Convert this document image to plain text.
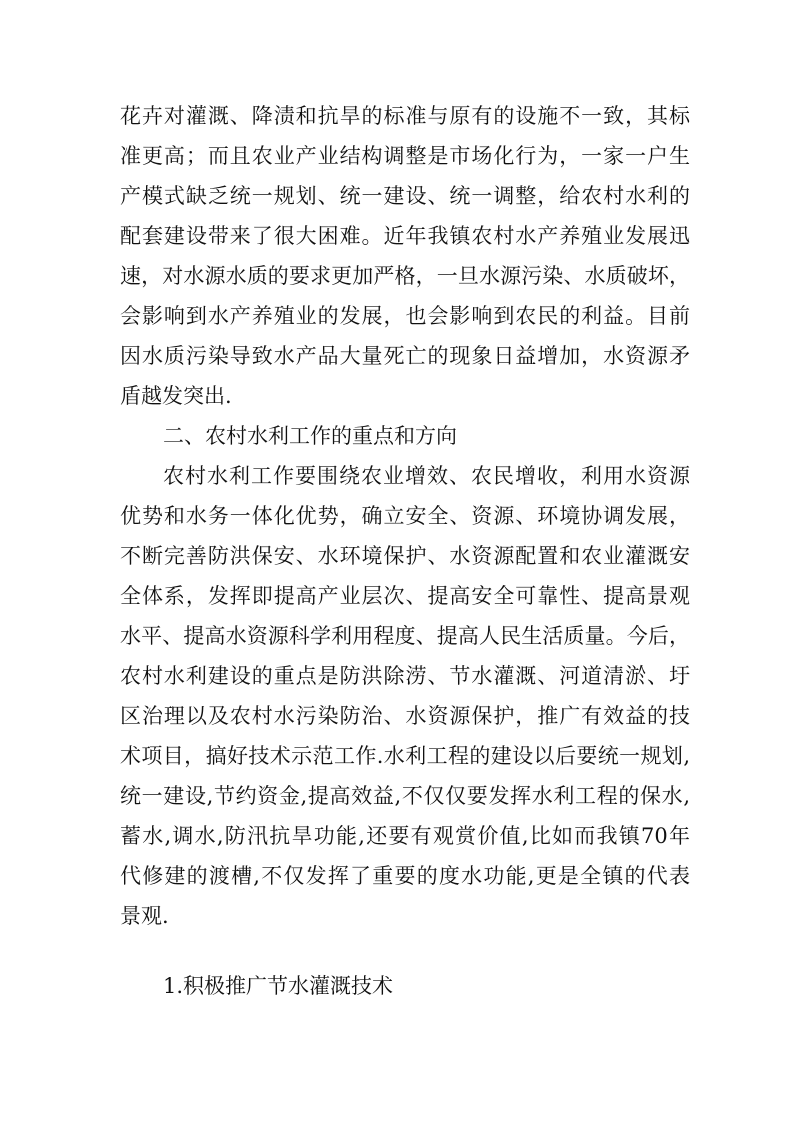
花卉对灌溉、降渍和抗旱的标准与原有的设施不一致，其标
准更高；而且农业产业结构调整是市场化行为，一家一户生
产模式缺乏统一规划、统一建设、统一调整，给农村水利的
配套建设带来了很大困难。近年我镇农村水产养殖业发展迅
速，对水源水质的要求更加严格，一旦水源污染、水质破坏，
会影响到水产养殖业的发展，也会影响到农民的利益。目前
因水质污染导致水产品大量死亡的现象日益增加，水资源矛
盾越发突出.
二、农村水利工作的重点和方向
农村水利工作要围绕农业增效、农民增收，利用水资源
优势和水务一体化优势，确立安全、资源、环境协调发展，
不断完善防洪保安、水环境保护、水资源配置和农业灌溉安
全体系，发挥即提高产业层次、提高安全可靠性、提高景观
水平、提高水资源科学利用程度、提高人民生活质量。今后，
农村水利建设的重点是防洪除涝、节水灌溉、河道清淤、圩
区治理以及农村水污染防治、水资源保护，推广有效益的技
术项目，搞好技术示范工作.水利工程的建设以后要统一规划,
统一建设,节约资金,提高效益,不仅仅要发挥水利工程的保水,
蓄水,调水,防汛抗旱功能,还要有观赏价值,比如而我镇70年
代修建的渡槽,不仅发挥了重要的度水功能,更是全镇的代表
景观.
1.积极推广节水灌溉技术
